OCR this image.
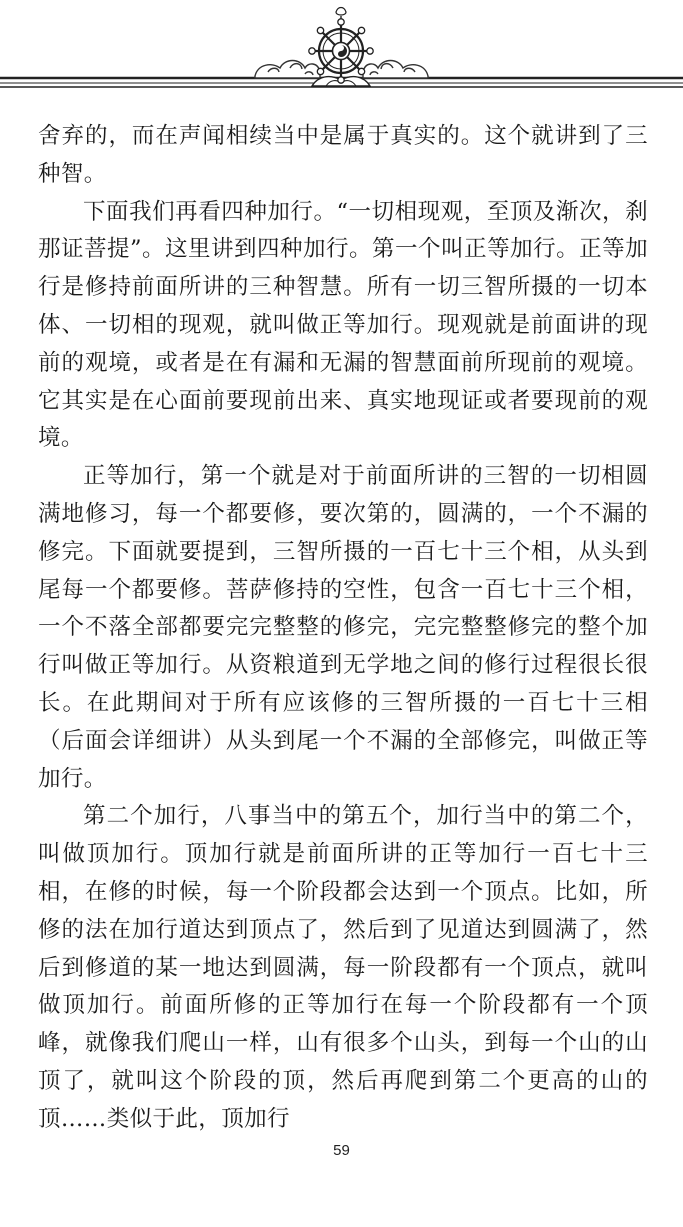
舍弃的，而在声闻相续当中是属于真实的。这个就讲到了三种智。

下面我们再看四种加行。“一切相现观，至顶及渐次，刹那证菩提”。这里讲到四种加行。第一个叫正等加行。正等加行是修持前面所讲的三种智慧。所有一切三智所摄的一切本体、一切相的现观，就叫做正等加行。现观就是前面讲的现前的观境，或者是在有漏和无漏的智慧面前所现前的观境。它其实是在心面前要现前出来、真实地现证或者要现前的观境。

正等加行，第一个就是对于前面所讲的三智的一切相圆满地修习，每一个都要修，要次第的，圆满的，一个不漏的修完。下面就要提到，三智所摄的一百七十三个相，从头到尾每一个都要修。菩萨修持的空性，包含一百七十三个相，一个不落全部都要完完整整的修完，完完整整修完的整个加行叫做正等加行。从资粮道到无学地之间的修行过程很长很长。在此期间对于所有应该修的三智所摄的一百七十三相（后面会详细讲）从头到尾一个不漏的全部修完，叫做正等加行。

第二个加行，八事当中的第五个，加行当中的第二个，叫做顶加行。顶加行就是前面所讲的正等加行一百七十三相，在修的时候，每一个阶段都会达到一个顶点。比如，所修的法在加行道达到顶点了，然后到了见道达到圆满了，然后到修道的某一地达到圆满，每一阶段都有一个顶点，就叫做顶加行。前面所修的正等加行在每一个阶段都有一个顶峰，就像我们爬山一样，山有很多个山头，到每一个山的山顶了，就叫这个阶段的顶，然后再爬到第二个更高的山的顶……类似于此，顶加行

59
